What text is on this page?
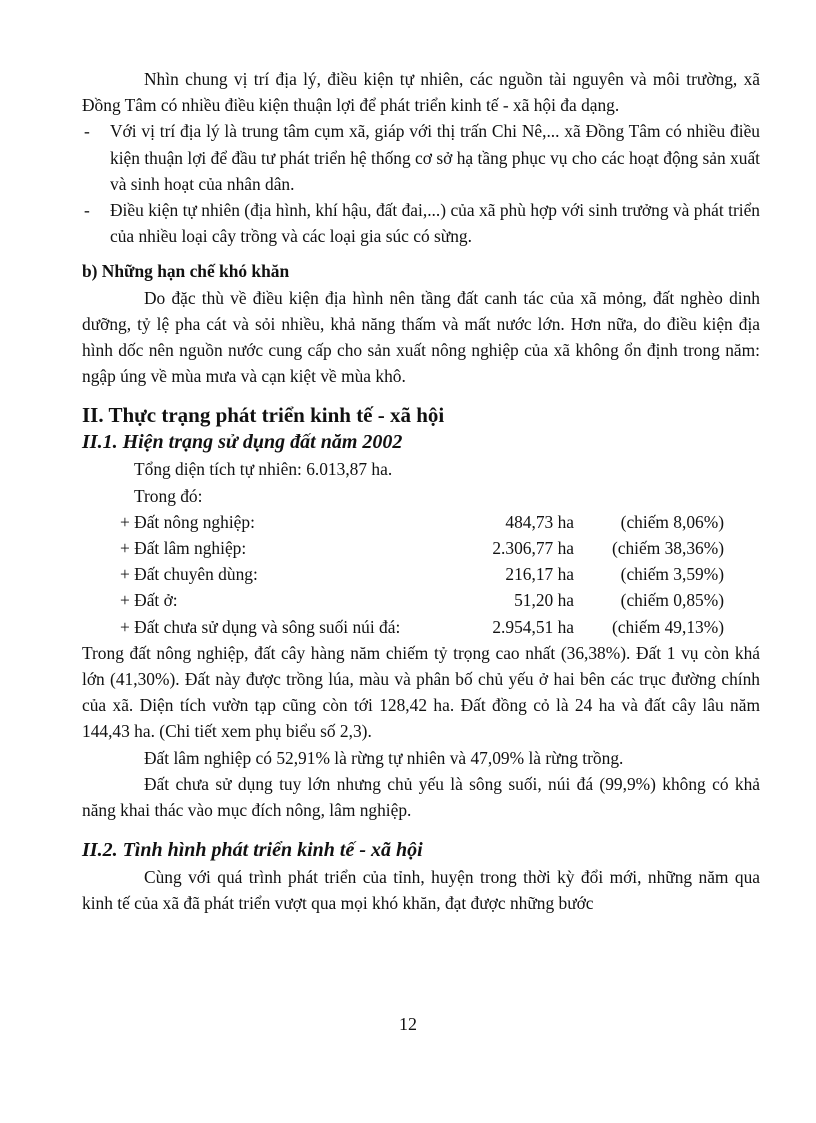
Nhìn chung vị trí địa lý, điều kiện tự nhiên, các nguồn tài nguyên và môi trường, xã Đồng Tâm có nhiều điều kiện thuận lợi để phát triển kinh tế - xã hội đa dạng.

- Với vị trí địa lý là trung tâm cụm xã, giáp với thị trấn Chi Nê,... xã Đồng Tâm có nhiều điều kiện thuận lợi để đầu tư phát triển hệ thống cơ sở hạ tầng phục vụ cho các hoạt động sản xuất và sinh hoạt của nhân dân.
- Điều kiện tự nhiên (địa hình, khí hậu, đất đai,...) của xã phù hợp với sinh trưởng và phát triển của nhiều loại cây trồng và các loại gia súc có sừng.

b) Những hạn chế khó khăn

Do đặc thù về điều kiện địa hình nên tầng đất canh tác của xã mỏng, đất nghèo dinh dưỡng, tỷ lệ pha cát và sỏi nhiều, khả năng thấm và mất nước lớn. Hơn nữa, do điều kiện địa hình dốc nên nguồn nước cung cấp cho sản xuất nông nghiệp của xã không ổn định trong năm: ngập úng về mùa mưa và cạn kiệt về mùa khô.

II. Thực trạng phát triển kinh tế - xã hội

II.1. Hiện trạng sử dụng đất năm 2002

Tổng diện tích tự nhiên: 6.013,87 ha.

Trong đó:

+ Đất nông nghiệp:	484,73 ha	(chiếm 8,06%)
+ Đất lâm nghiệp:	2.306,77 ha	(chiếm 38,36%)
+ Đất chuyên dùng:	216,17 ha	(chiếm 3,59%)
+ Đất ở:	51,20 ha	(chiếm 0,85%)
+ Đất chưa sử dụng và sông suối núi đá:	2.954,51 ha	(chiếm 49,13%)

Trong đất nông nghiệp, đất cây hàng năm chiếm tỷ trọng cao nhất (36,38%). Đất 1 vụ còn khá lớn (41,30%). Đất này được trồng lúa, màu và phân bố chủ yếu ở hai bên các trục đường chính của xã. Diện tích vườn tạp cũng còn tới 128,42 ha. Đất đồng cỏ là 24 ha và đất cây lâu năm 144,43 ha. (Chi tiết xem phụ biểu số 2,3).

Đất lâm nghiệp có 52,91% là rừng tự nhiên và 47,09% là rừng trồng.

Đất chưa sử dụng tuy lớn nhưng chủ yếu là sông suối, núi đá (99,9%) không có khả năng khai thác vào mục đích nông, lâm nghiệp.

II.2. Tình hình phát triển kinh tế - xã hội

Cùng với quá trình phát triển của tỉnh, huyện trong thời kỳ đổi mới, những năm qua kinh tế của xã đã phát triển vượt qua mọi khó khăn, đạt được những bước

12
